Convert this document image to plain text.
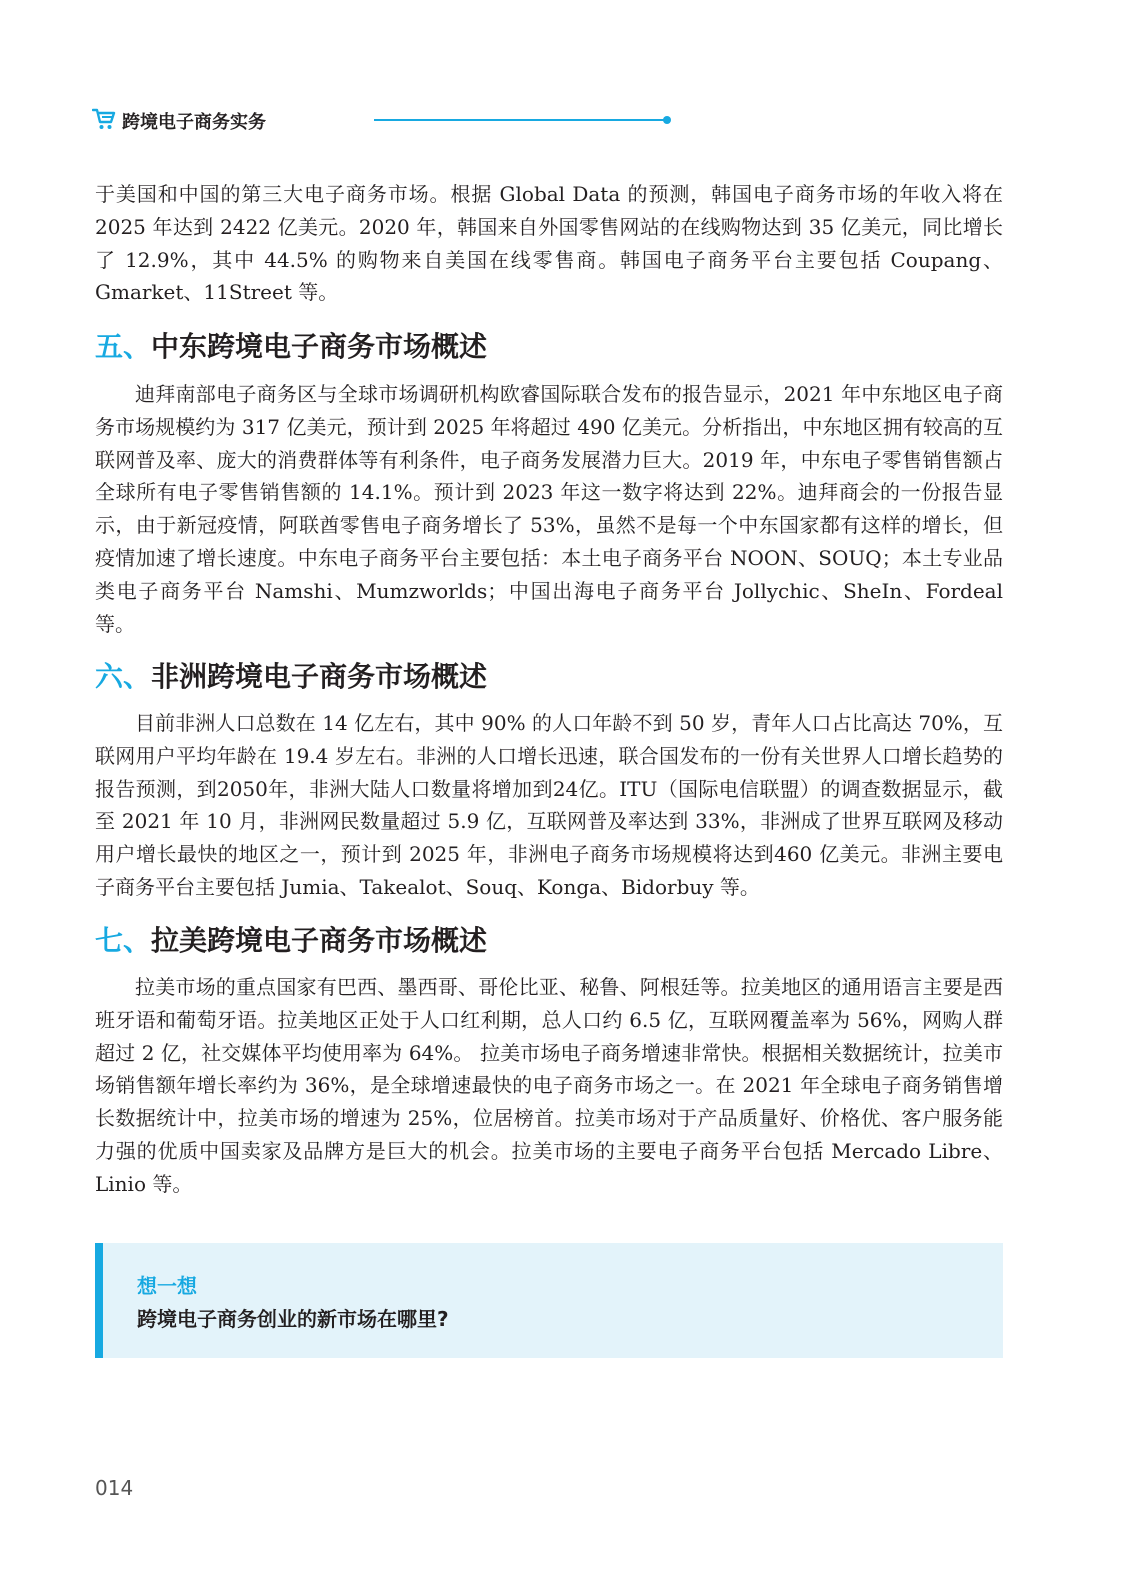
跨境电子商务实务

于美国和中国的第三大电子商务市场。根据 Global Data 的预测，韩国电子商务市场的年收入将在 2025 年达到 2422 亿美元。2020 年，韩国来自外国零售网站的在线购物达到 35 亿美元，同比增长了 12.9%，其中 44.5% 的购物来自美国在线零售商。韩国电子商务平台主要包括 Coupang、Gmarket、11Street 等。

五、中东跨境电子商务市场概述

迪拜南部电子商务区与全球市场调研机构欧睿国际联合发布的报告显示，2021 年中东地区电子商务市场规模约为 317 亿美元，预计到 2025 年将超过 490 亿美元。分析指出，中东地区拥有较高的互联网普及率、庞大的消费群体等有利条件，电子商务发展潜力巨大。2019 年，中东电子零售销售额占全球所有电子零售销售额的 14.1%。预计到 2023 年这一数字将达到 22%。迪拜商会的一份报告显示，由于新冠疫情，阿联酋零售电子商务增长了 53%，虽然不是每一个中东国家都有这样的增长，但疫情加速了增长速度。中东电子商务平台主要包括：本土电子商务平台 NOON、SOUQ；本土专业品类电子商务平台 Namshi、Mumzworlds；中国出海电子商务平台 Jollychic、SheIn、Fordeal 等。

六、非洲跨境电子商务市场概述

目前非洲人口总数在 14 亿左右，其中 90% 的人口年龄不到 50 岁，青年人口占比高达 70%，互联网用户平均年龄在 19.4 岁左右。非洲的人口增长迅速，联合国发布的一份有关世界人口增长趋势的报告预测，到2050年，非洲大陆人口数量将增加到24亿。ITU（国际电信联盟）的调查数据显示，截至 2021 年 10 月，非洲网民数量超过 5.9 亿，互联网普及率达到 33%，非洲成了世界互联网及移动用户增长最快的地区之一，预计到 2025 年，非洲电子商务市场规模将达到460 亿美元。非洲主要电子商务平台主要包括 Jumia、Takealot、Souq、Konga、Bidorbuy 等。

七、拉美跨境电子商务市场概述

拉美市场的重点国家有巴西、墨西哥、哥伦比亚、秘鲁、阿根廷等。拉美地区的通用语言主要是西班牙语和葡萄牙语。拉美地区正处于人口红利期，总人口约 6.5 亿，互联网覆盖率为 56%，网购人群超过 2 亿，社交媒体平均使用率为 64%。 拉美市场电子商务增速非常快。根据相关数据统计，拉美市场销售额年增长率约为 36%，是全球增速最快的电子商务市场之一。在 2021 年全球电子商务销售增长数据统计中，拉美市场的增速为 25%，位居榜首。拉美市场对于产品质量好、价格优、客户服务能力强的优质中国卖家及品牌方是巨大的机会。拉美市场的主要电子商务平台包括 Mercado Libre、Linio 等。

想一想
跨境电子商务创业的新市场在哪里?
014
